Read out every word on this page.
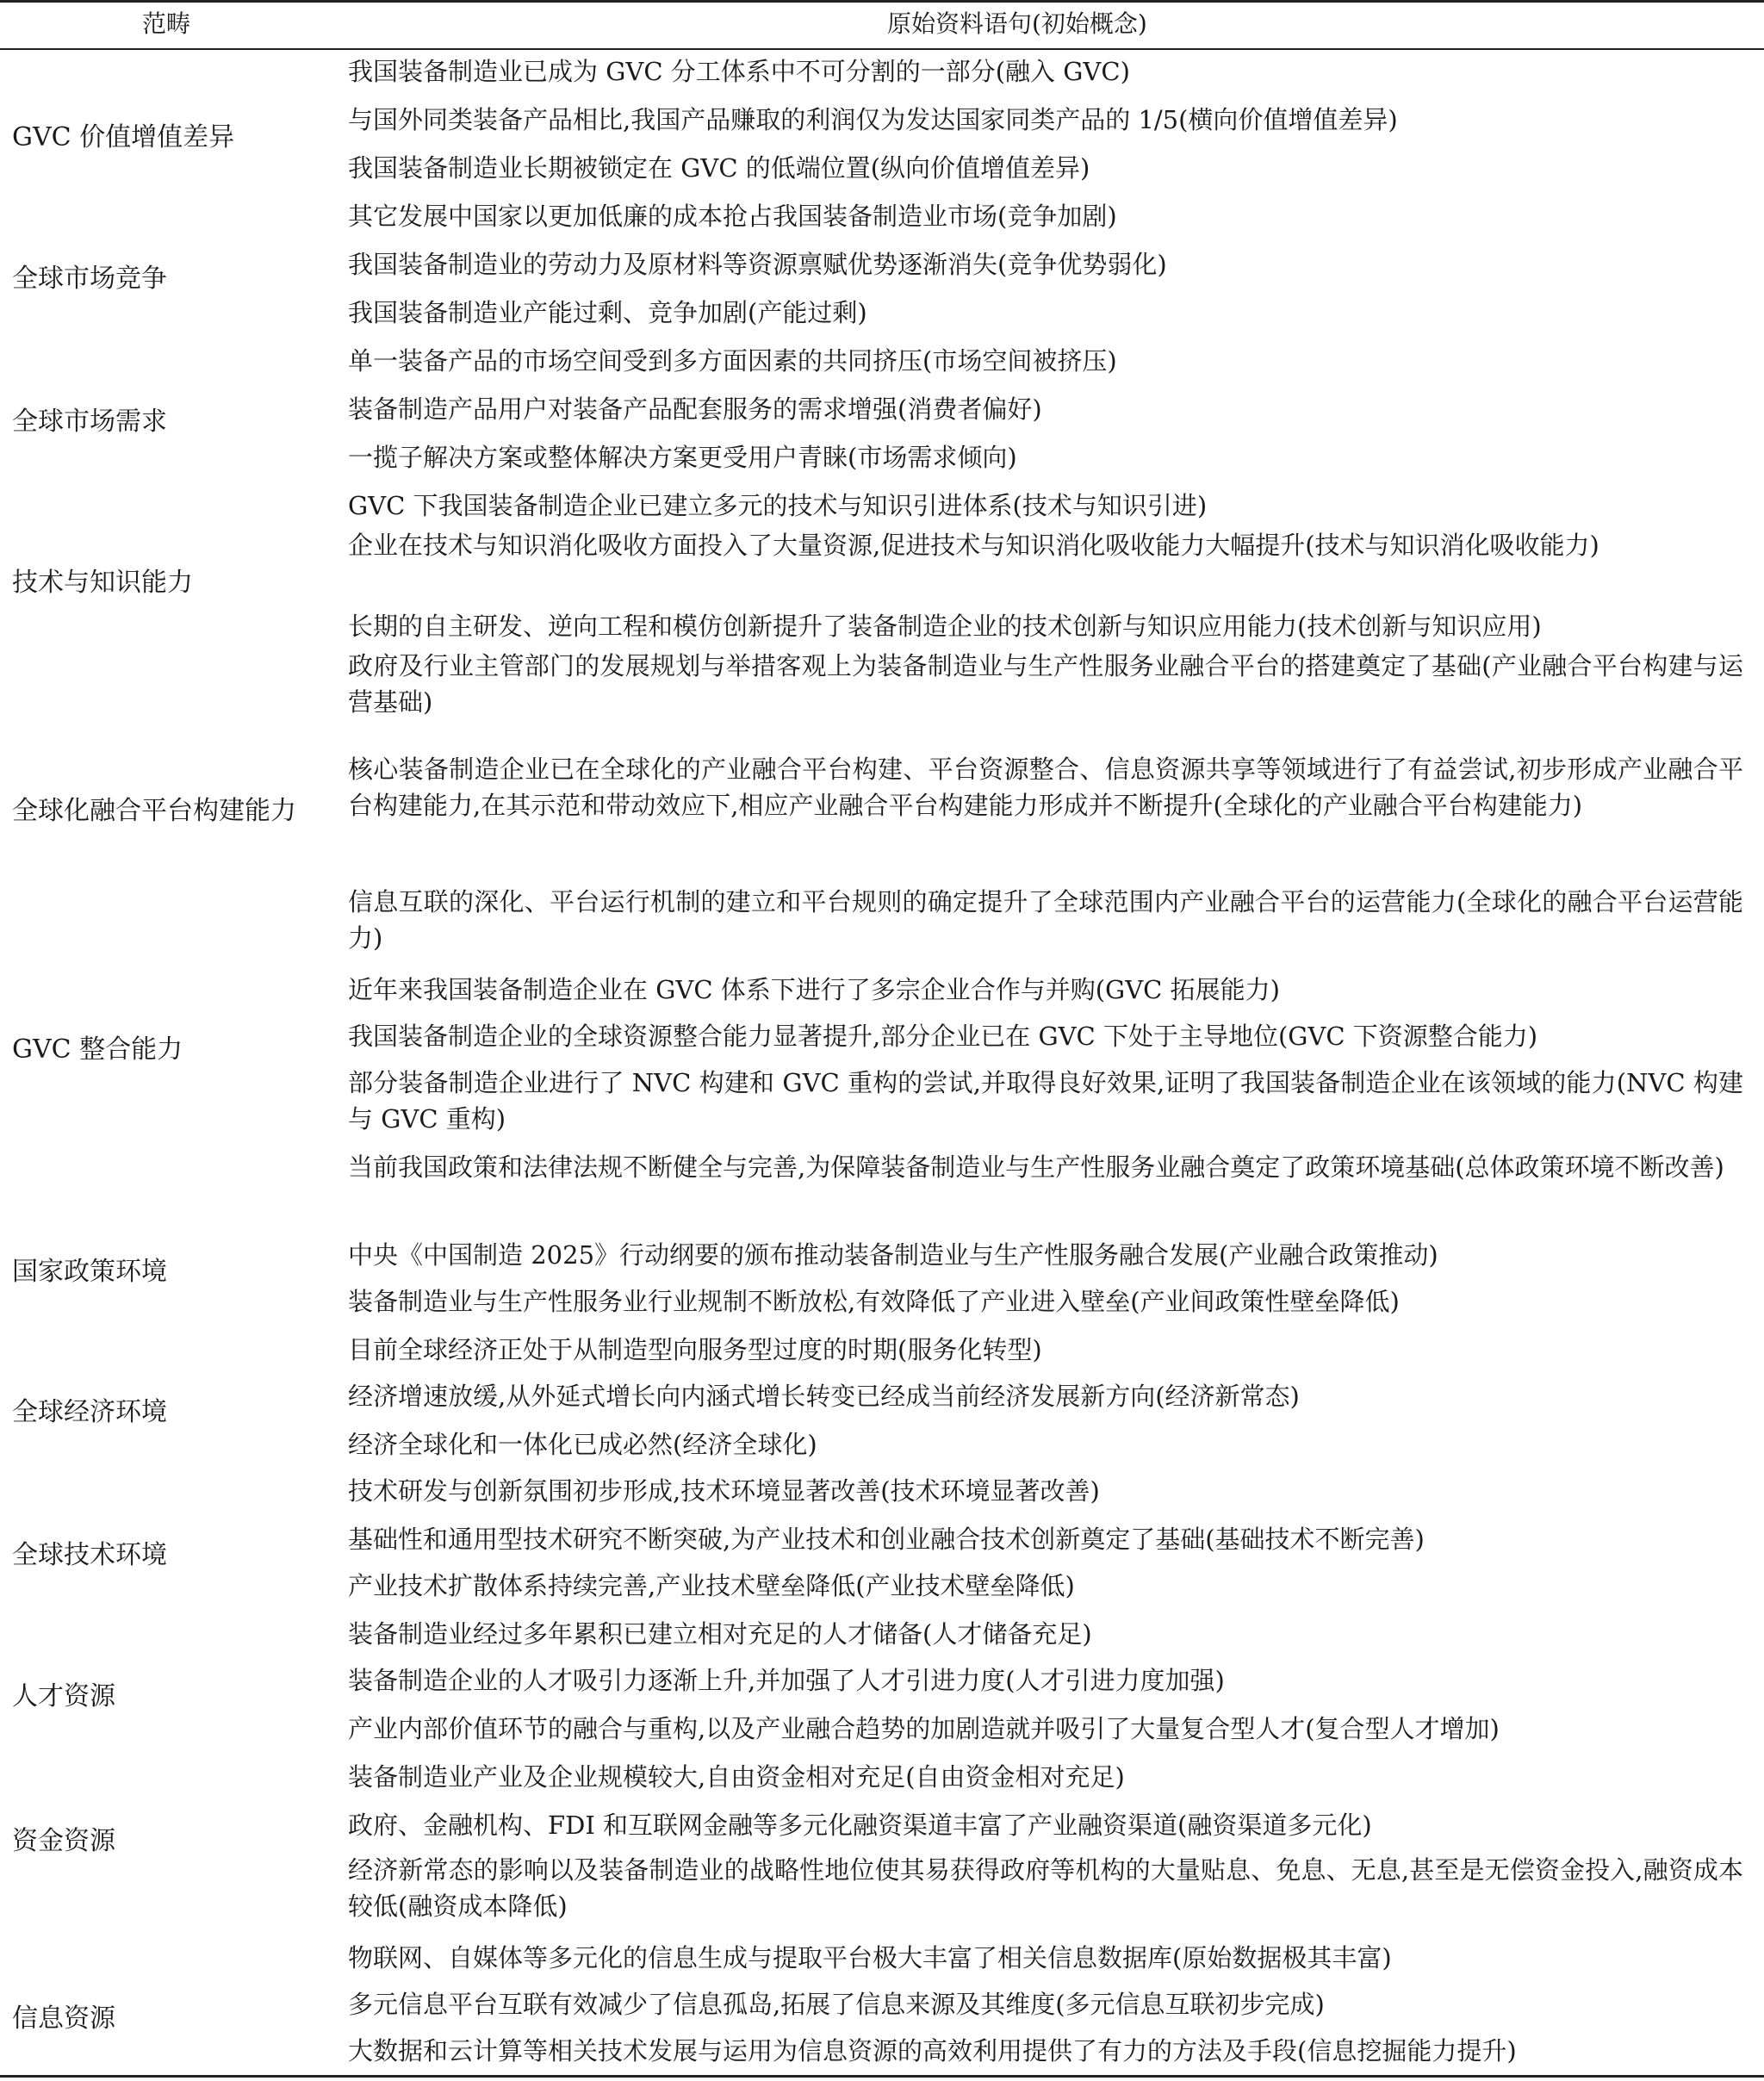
范畴	原始资料语句(初始概念)
GVC 价值增值差异
我国装备制造业已成为 GVC 分工体系中不可分割的一部分(融入 GVC)
与国外同类装备产品相比,我国产品赚取的利润仅为发达国家同类产品的 1/5(横向价值增值差异)
我国装备制造业长期被锁定在 GVC 的低端位置(纵向价值增值差异)
全球市场竞争
其它发展中国家以更加低廉的成本抢占我国装备制造业市场(竞争加剧)
我国装备制造业的劳动力及原材料等资源禀赋优势逐渐消失(竞争优势弱化)
我国装备制造业产能过剩、竞争加剧(产能过剩)
全球市场需求
单一装备产品的市场空间受到多方面因素的共同挤压(市场空间被挤压)
装备制造产品用户对装备产品配套服务的需求增强(消费者偏好)
一揽子解决方案或整体解决方案更受用户青睐(市场需求倾向)
技术与知识能力
GVC 下我国装备制造企业已建立多元的技术与知识引进体系(技术与知识引进)
企业在技术与知识消化吸收方面投入了大量资源,促进技术与知识消化吸收能力大幅提升(技术与知识消化吸收能力)
长期的自主研发、逆向工程和模仿创新提升了装备制造企业的技术创新与知识应用能力(技术创新与知识应用)
全球化融合平台构建能力
政府及行业主管部门的发展规划与举措客观上为装备制造业与生产性服务业融合平台的搭建奠定了基础(产业融合平台构建与运营基础)
核心装备制造企业已在全球化的产业融合平台构建、平台资源整合、信息资源共享等领域进行了有益尝试,初步形成产业融合平台构建能力,在其示范和带动效应下,相应产业融合平台构建能力形成并不断提升(全球化的产业融合平台构建能力)
信息互联的深化、平台运行机制的建立和平台规则的确定提升了全球范围内产业融合平台的运营能力(全球化的融合平台运营能力)
GVC 整合能力
近年来我国装备制造企业在 GVC 体系下进行了多宗企业合作与并购(GVC 拓展能力)
我国装备制造企业的全球资源整合能力显著提升,部分企业已在 GVC 下处于主导地位(GVC 下资源整合能力)
部分装备制造企业进行了 NVC 构建和 GVC 重构的尝试,并取得良好效果,证明了我国装备制造企业在该领域的能力(NVC 构建与 GVC 重构)
国家政策环境
当前我国政策和法律法规不断健全与完善,为保障装备制造业与生产性服务业融合奠定了政策环境基础(总体政策环境不断改善)
中央《中国制造 2025》行动纲要的颁布推动装备制造业与生产性服务融合发展(产业融合政策推动)
装备制造业与生产性服务业行业规制不断放松,有效降低了产业进入壁垒(产业间政策性壁垒降低)
全球经济环境
目前全球经济正处于从制造型向服务型过度的时期(服务化转型)
经济增速放缓,从外延式增长向内涵式增长转变已经成当前经济发展新方向(经济新常态)
经济全球化和一体化已成必然(经济全球化)
全球技术环境
技术研发与创新氛围初步形成,技术环境显著改善(技术环境显著改善)
基础性和通用型技术研究不断突破,为产业技术和创业融合技术创新奠定了基础(基础技术不断完善)
产业技术扩散体系持续完善,产业技术壁垒降低(产业技术壁垒降低)
人才资源
装备制造业经过多年累积已建立相对充足的人才储备(人才储备充足)
装备制造企业的人才吸引力逐渐上升,并加强了人才引进力度(人才引进力度加强)
产业内部价值环节的融合与重构,以及产业融合趋势的加剧造就并吸引了大量复合型人才(复合型人才增加)
资金资源
装备制造业产业及企业规模较大,自由资金相对充足(自由资金相对充足)
政府、金融机构、FDI 和互联网金融等多元化融资渠道丰富了产业融资渠道(融资渠道多元化)
经济新常态的影响以及装备制造业的战略性地位使其易获得政府等机构的大量贴息、免息、无息,甚至是无偿资金投入,融资成本较低(融资成本降低)
信息资源
物联网、自媒体等多元化的信息生成与提取平台极大丰富了相关信息数据库(原始数据极其丰富)
多元信息平台互联有效减少了信息孤岛,拓展了信息来源及其维度(多元信息互联初步完成)
大数据和云计算等相关技术发展与运用为信息资源的高效利用提供了有力的方法及手段(信息挖掘能力提升)
